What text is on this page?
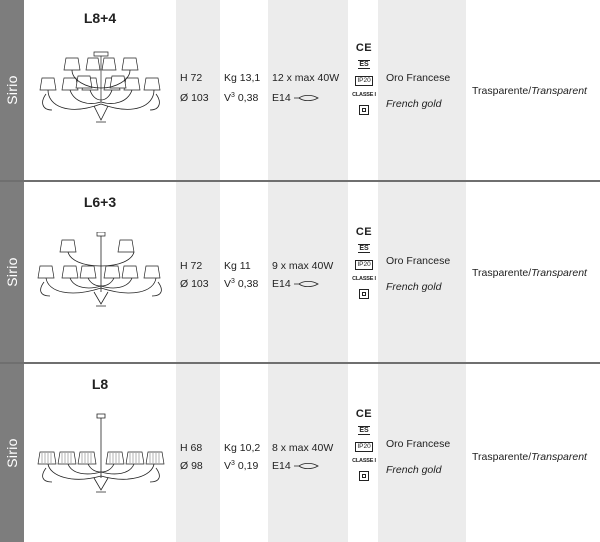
Sirio
L8+4
H 72
Ø 103
Kg 13,1
$V^3$ 0,38
12 x max 40W
E14
CE
ES
IP20
CLASSE I
Oro Francese
French gold
Trasparente/Transparent
Sirio
L6+3
H 72
Ø 103
Kg 11
$V^3$ 0,38
9 x max 40W
E14
CE
ES
IP20
CLASSE I
Oro Francese
French gold
Trasparente/Transparent
Sirio
L8
H 68
Ø 98
Kg 10,2
$V^3$ 0,19
8 x max 40W
E14
CE
ES
IP20
CLASSE I
Oro Francese
French gold
Trasparente/Transparent
